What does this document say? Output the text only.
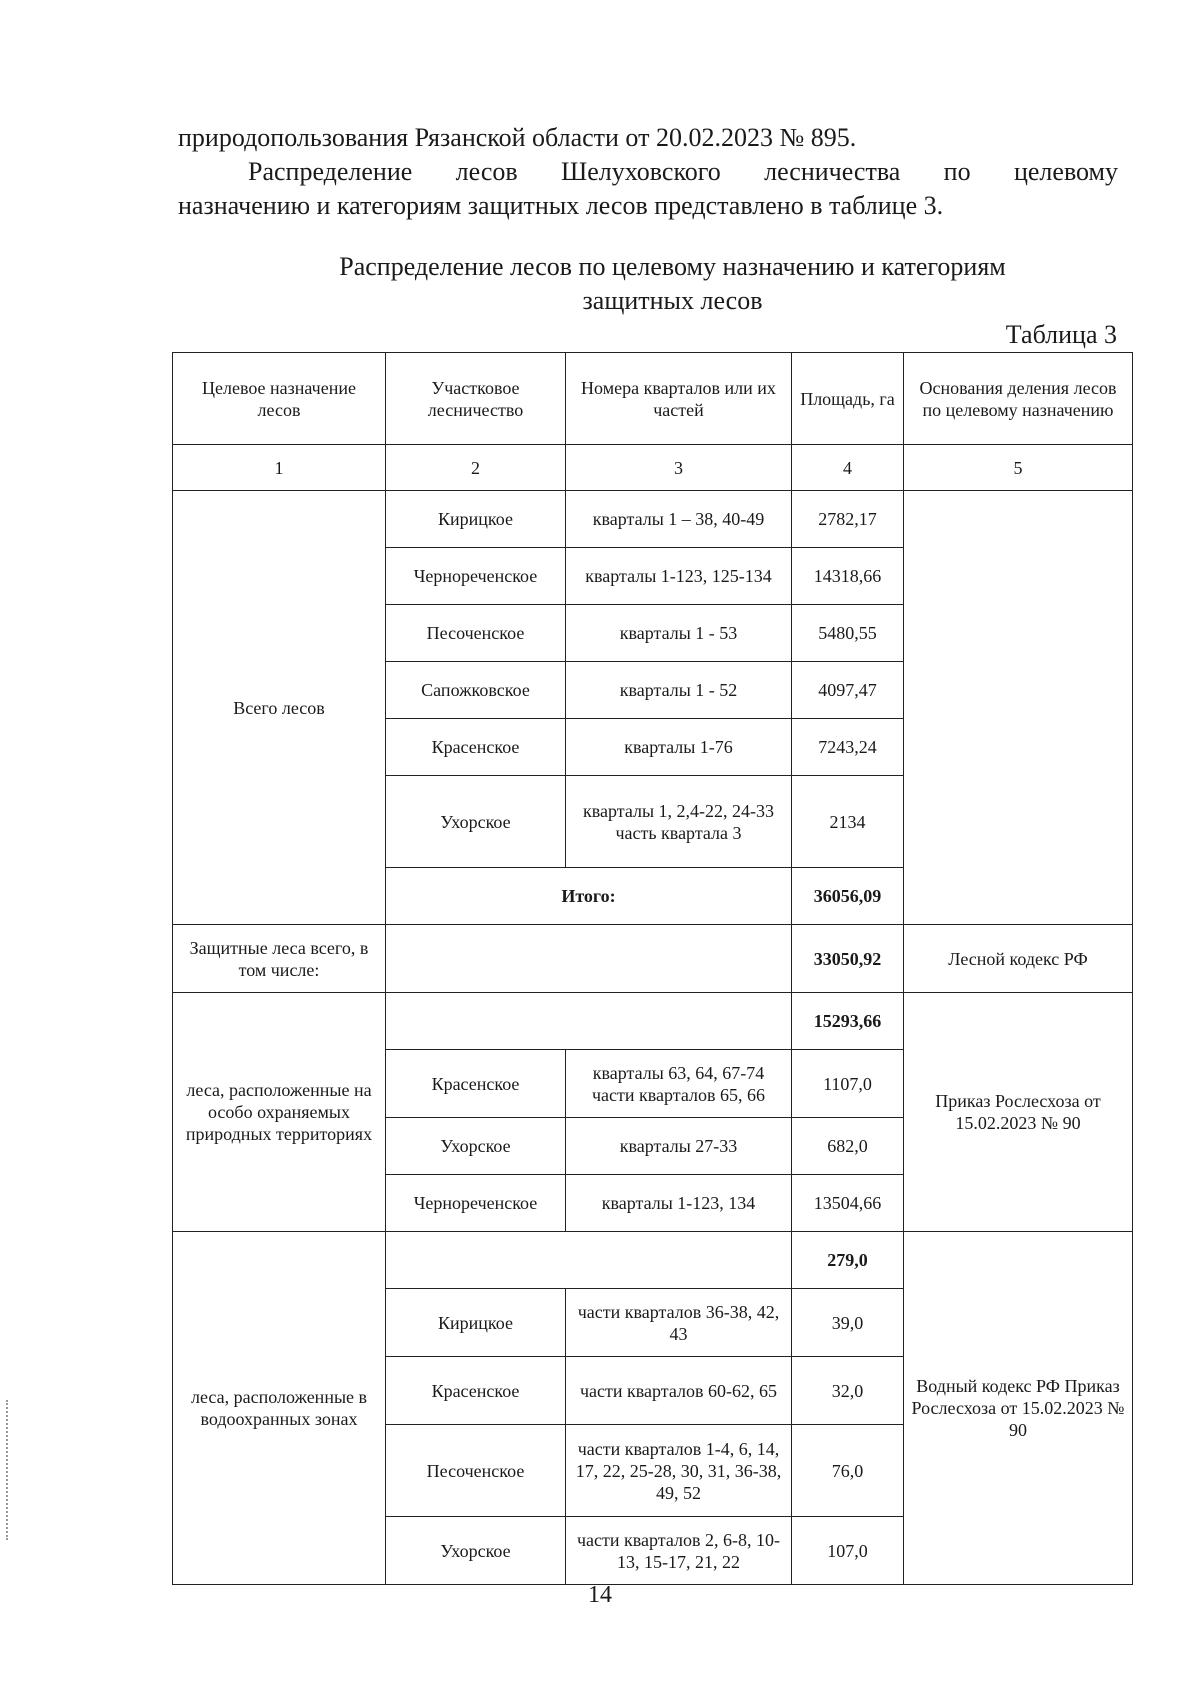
природопользования Рязанской области от 20.02.2023 № 895.
Распределение лесов Шелуховского лесничества по целевому
назначению и категориям защитных лесов представлено в таблице 3.
Распределение лесов по целевому назначению и категориям
защитных лесов
Таблица 3
Целевое назначение лесов	Участковое лесничество	Номера кварталов или их частей	Площадь, га	Основания деления лесов по целевому назначению
1	2	3	4	5
Всего лесов	Кирицкое	кварталы 1 – 38, 40-49	2782,17	
	Чернореченское	кварталы 1-123, 125-134	14318,66	
	Песоченское	кварталы 1 - 53	5480,55	
	Сапожковское	кварталы 1 - 52	4097,47	
	Красенское	кварталы 1-76	7243,24	
	Ухорское	кварталы 1, 2,4-22, 24-33 часть квартала 3	2134	
	Итого:		36056,09	
Защитные леса всего, в том числе:			33050,92	Лесной кодекс РФ
леса, расположенные на особо охраняемых природных территориях			15293,66	Приказ Рослесхоза от 15.02.2023 № 90
	Красенское	кварталы 63, 64, 67-74 части кварталов 65, 66	1107,0	
	Ухорское	кварталы 27-33	682,0	
	Чернореченское	кварталы 1-123, 134	13504,66	
леса, расположенные в водоохранных зонах			279,0	Водный кодекс РФ Приказ Рослесхоза от 15.02.2023 № 90
	Кирицкое	части кварталов 36-38, 42, 43	39,0	
	Красенское	части кварталов 60-62, 65	32,0	
	Песоченское	части кварталов 1-4, 6, 14, 17, 22, 25-28, 30, 31, 36-38, 49, 52	76,0	
	Ухорское	части кварталов 2, 6-8, 10-13, 15-17, 21, 22	107,0	
14
